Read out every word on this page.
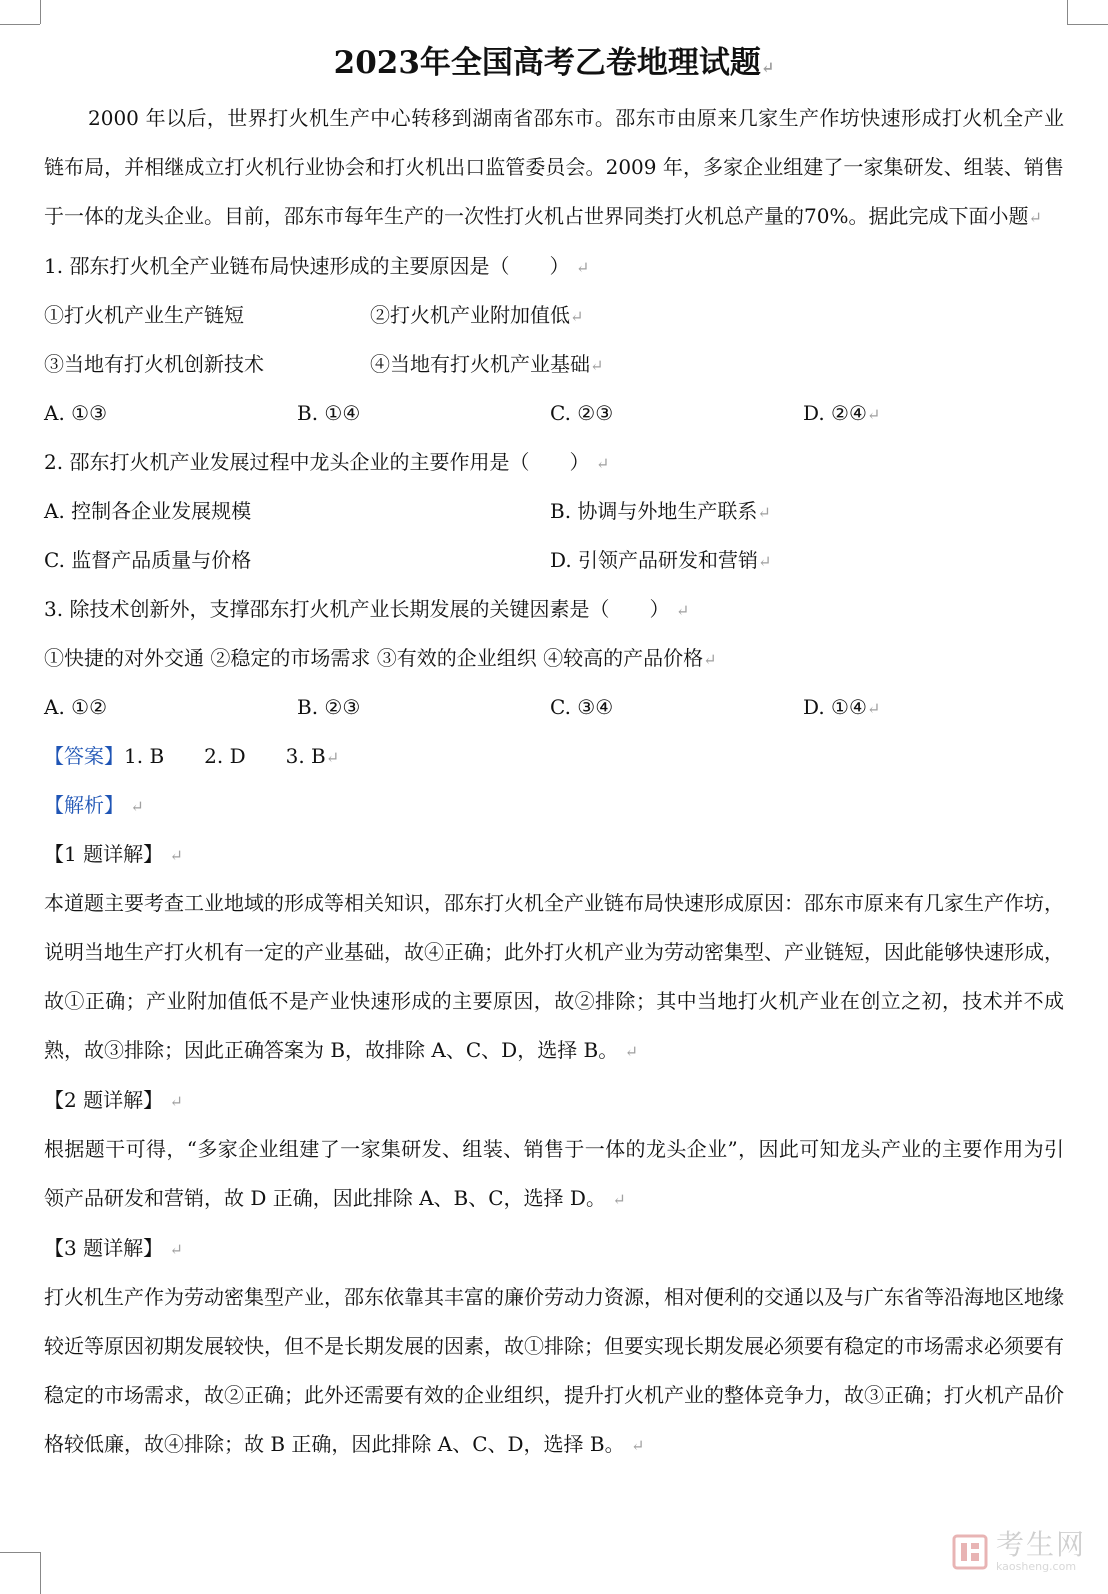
2023年全国高考乙卷地理试题↵
2000 年以后，世界打火机生产中心转移到湖南省邵东市。邵东市由原来几家生产作坊快速形成打火机全产业链布局，并相继成立打火机行业协会和打火机出口监管委员会。2009 年，多家企业组建了一家集研发、组装、销售于一体的龙头企业。目前，邵东市每年生产的一次性打火机占世界同类打火机总产量的70%。据此完成下面小题↵
1. 邵东打火机全产业链布局快速形成的主要原因是（　　） ↵
①打火机产业生产链短	②打火机产业附加值低↵
③当地有打火机创新技术	④当地有打火机产业基础↵
A. ①③	B. ①④	C. ②③	D. ②④↵
2. 邵东打火机产业发展过程中龙头企业的主要作用是（　　） ↵
A. 控制各企业发展规模	B. 协调与外地生产联系↵
C. 监督产品质量与价格	D. 引领产品研发和营销↵
3. 除技术创新外，支撑邵东打火机产业长期发展的关键因素是（　　） ↵
①快捷的对外交通 ②稳定的市场需求 ③有效的企业组织 ④较高的产品价格↵
A. ①②	B. ②③	C. ③④	D. ①④↵
【答案】1. B　　2. D　　3. B↵
【解析】 ↵
【1 题详解】 ↵
本道题主要考查工业地域的形成等相关知识，邵东打火机全产业链布局快速形成原因：邵东市原来有几家生产作坊，说明当地生产打火机有一定的产业基础，故④正确；此外打火机产业为劳动密集型、产业链短，因此能够快速形成，故①正确；产业附加值低不是产业快速形成的主要原因，故②排除；其中当地打火机产业在创立之初，技术并不成熟，故③排除；因此正确答案为 B，故排除 A、C、D，选择 B。 ↵
【2 题详解】 ↵
根据题干可得，“多家企业组建了一家集研发、组装、销售于一体的龙头企业”，因此可知龙头产业的主要作用为引领产品研发和营销，故 D 正确，因此排除 A、B、C，选择 D。 ↵
【3 题详解】 ↵
打火机生产作为劳动密集型产业，邵东依靠其丰富的廉价劳动力资源，相对便利的交通以及与广东省等沿海地区地缘较近等原因初期发展较快，但不是长期发展的因素，故①排除；但要实现长期发展必须要有稳定的市场需求必须要有稳定的市场需求，故②正确；此外还需要有效的企业组织，提升打火机产业的整体竞争力，故③正确；打火机产品价格较低廉，故④排除；故 B 正确，因此排除 A、C、D，选择 B。 ↵
考生网
kaosheng.com
